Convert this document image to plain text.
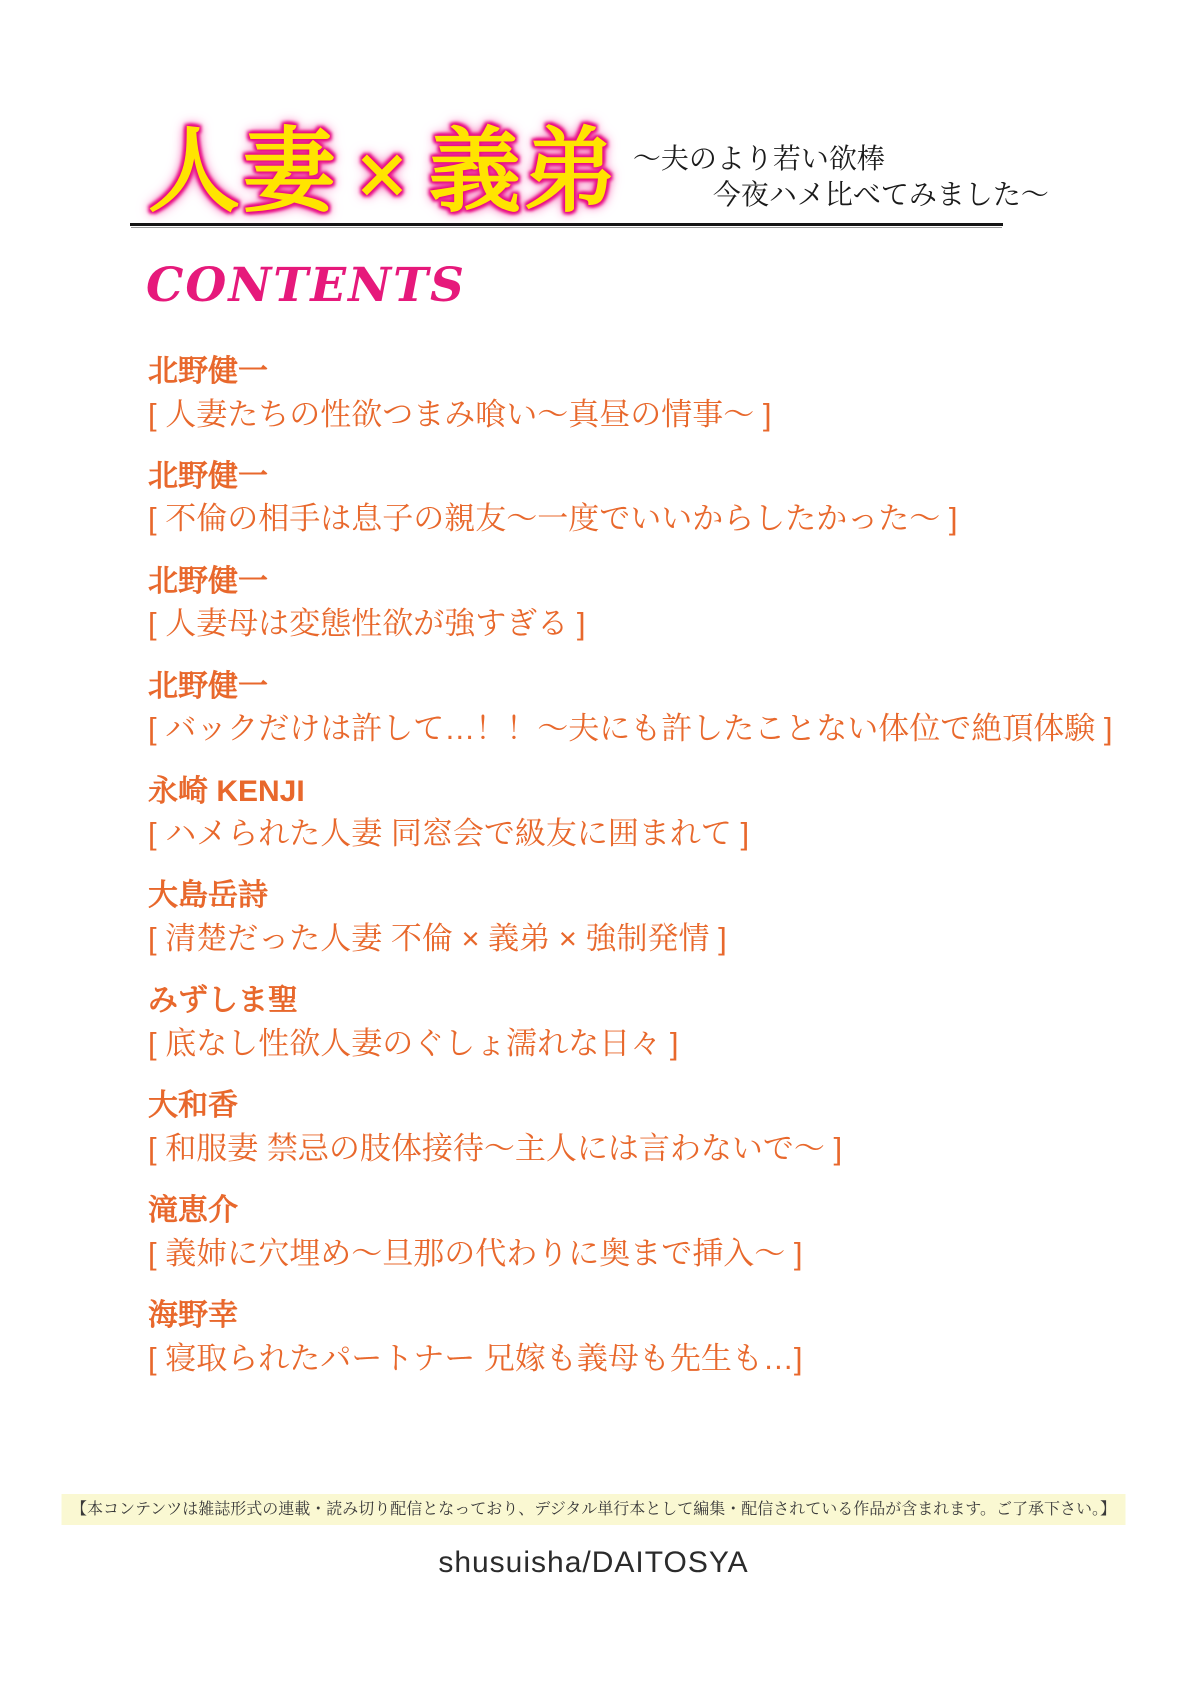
人妻 × 義弟 ～夫のより若い欲棒
今夜ハメ比べてみました～
CONTENTS
北野健一
[ 人妻たちの性欲つまみ喰い～真昼の情事～ ]
北野健一
[ 不倫の相手は息子の親友～一度でいいからしたかった～ ]
北野健一
[ 人妻母は変態性欲が強すぎる ]
北野健一
[ バックだけは許して…！！～夫にも許したことない体位で絶頂体験 ]
永崎 KENJI
[ ハメられた人妻 同窓会で級友に囲まれて ]
大島岳詩
[ 清楚だった人妻 不倫 × 義弟 × 強制発情 ]
みずしま聖
[ 底なし性欲人妻のぐしょ濡れな日々 ]
大和香
[ 和服妻 禁忌の肢体接待～主人には言わないで～ ]
滝恵介
[ 義姉に穴埋め～旦那の代わりに奥まで挿入～ ]
海野幸
[ 寝取られたパートナー 兄嫁も義母も先生も…]
【本コンテンツは雑誌形式の連載・読み切り配信となっており、デジタル単行本として編集・配信されている作品が含まれます。ご了承下さい。】
shusuisha/DAITOSYA
